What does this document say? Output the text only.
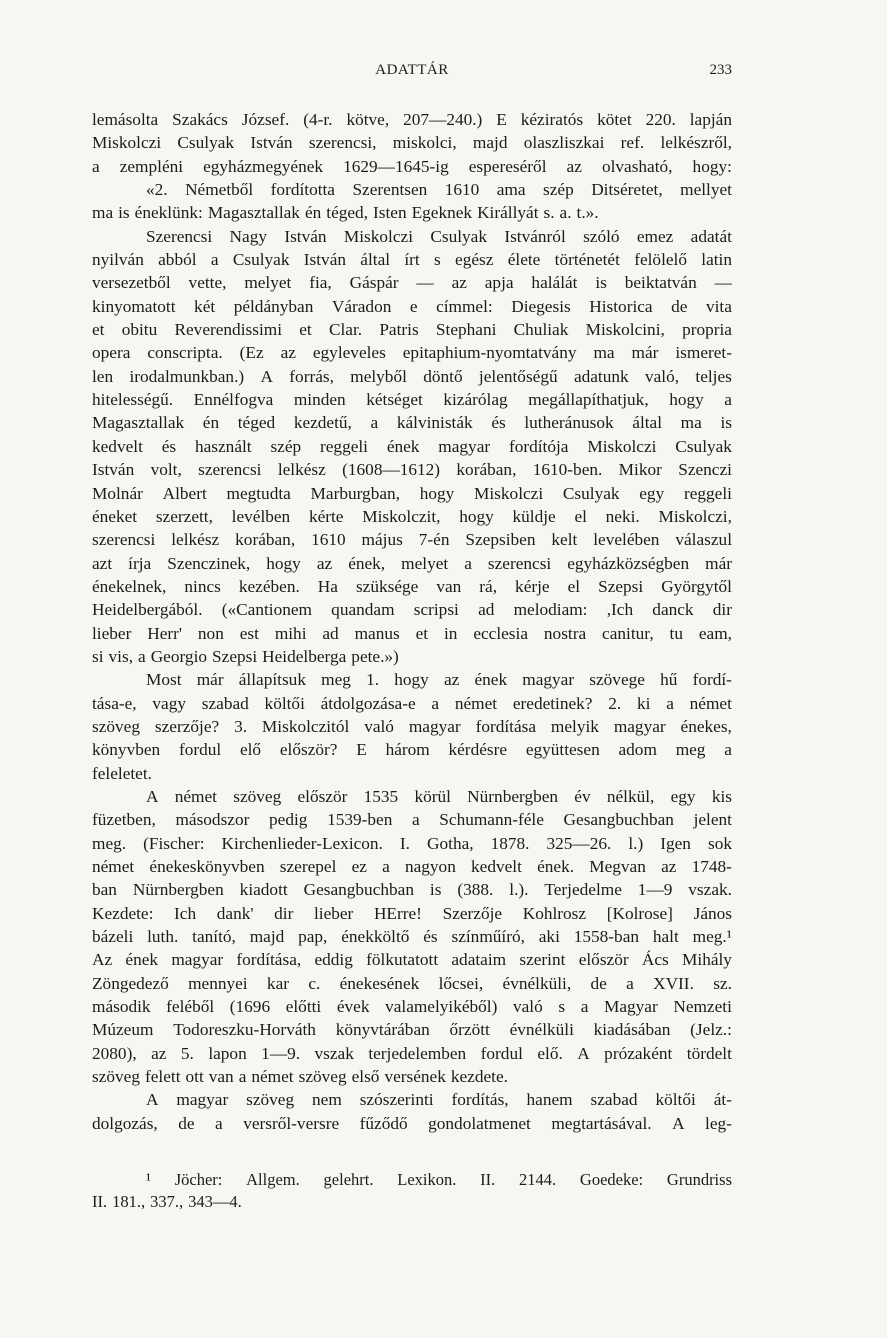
ADATTÁR	233
lemásolta Szakács József. (4-r. kötve, 207—240.) E kéziratós kötet 220. lapján
Miskolczi Csulyak István szerencsi, miskolci, majd olaszliszkai ref. lelkészről,
a zempléni egyházmegyének 1629—1645-ig espereséről az olvasható, hogy:
«2. Németből fordította Szerentsen 1610 ama szép Ditséretet, mellyet
ma is éneklünk: Magasztallak én téged, Isten Egeknek Királlyát s. a. t.».
Szerencsi Nagy István Miskolczi Csulyak Istvánról szóló emez adatát
nyilván abból a Csulyak István által írt s egész élete történetét felölelő latin
versezetből vette, melyet fia, Gáspár — az apja halálát is beiktatván —
kinyomatott két példányban Váradon e címmel: Diegesis Historica de vita
et obitu Reverendissimi et Clar. Patris Stephani Chuliak Miskolcini, propria
opera conscripta. (Ez az egyleveles epitaphium-nyomtatvány ma már ismeret-
len irodalmunkban.) A forrás, melyből döntő jelentőségű adatunk való, teljes
hitelességű. Ennélfogva minden kétséget kizárólag megállapíthatjuk, hogy a
Magasztallak én téged kezdetű, a kálvinisták és lutheránusok által ma is
kedvelt és használt szép reggeli ének magyar fordítója Miskolczi Csulyak
István volt, szerencsi lelkész (1608—1612) korában, 1610-ben. Mikor Szenczi
Molnár Albert megtudta Marburgban, hogy Miskolczi Csulyak egy reggeli
éneket szerzett, levélben kérte Miskolczit, hogy küldje el neki. Miskolczi,
szerencsi lelkész korában, 1610 május 7-én Szepsiben kelt levelében válaszul
azt írja Szenczinek, hogy az ének, melyet a szerencsi egyházközségben már
énekelnek, nincs kezében. Ha szüksége van rá, kérje el Szepsi Györgytől
Heidelbergából. («Cantionem quandam scripsi ad melodiam: ,Ich danck dir
lieber Herr' non est mihi ad manus et in ecclesia nostra canitur, tu eam,
si vis, a Georgio Szepsi Heidelberga pete.»)
Most már állapítsuk meg 1. hogy az ének magyar szövege hű fordí-
tása-e, vagy szabad költői átdolgozása-e a német eredetinek? 2. ki a német
szöveg szerzője? 3. Miskolczitól való magyar fordítása melyik magyar énekes,
könyvben fordul elő először? E három kérdésre együttesen adom meg a
feleletet.
A német szöveg először 1535 körül Nürnbergben év nélkül, egy kis
füzetben, másodszor pedig 1539-ben a Schumann-féle Gesangbuchban jelent
meg. (Fischer: Kirchenlieder-Lexicon. I. Gotha, 1878. 325—26. l.) Igen sok
német énekeskönyvben szerepel ez a nagyon kedvelt ének. Megvan az 1748-
ban Nürnbergben kiadott Gesangbuchban is (388. l.). Terjedelme 1—9 vszak.
Kezdete: Ich dank' dir lieber HErre! Szerzője Kohlrosz [Kolrose] János
bázeli luth. tanító, majd pap, énekköltő és színműíró, aki 1558-ban halt meg.¹
Az ének magyar fordítása, eddig fölkutatott adataim szerint először Ács Mihály
Zöngedező mennyei kar c. énekesének lőcsei, évnélküli, de a XVII. sz.
második feléből (1696 előtti évek valamelyikéből) való s a Magyar Nemzeti
Múzeum Todoreszku-Horváth könyvtárában őrzött évnélküli kiadásában (Jelz.:
2080), az 5. lapon 1—9. vszak terjedelemben fordul elő. A prózaként tördelt
szöveg felett ott van a német szöveg első versének kezdete.
A magyar szöveg nem szószerinti fordítás, hanem szabad költői át-
dolgozás, de a versről-versre fűződő gondolatmenet megtartásával. A leg-
¹ Jöcher: Allgem. gelehrt. Lexikon. II. 2144. Goedeke: Grundriss
II. 181., 337., 343—4.
